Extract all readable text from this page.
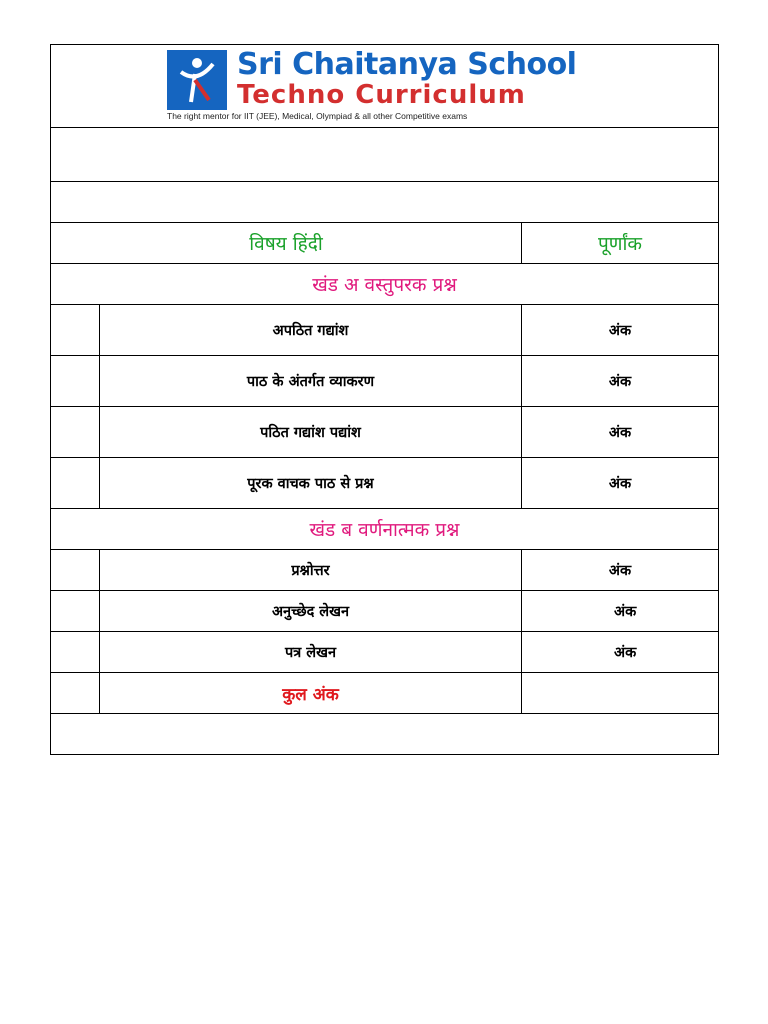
Sri Chaitanya School
Techno Curriculum
The right mentor for IIT (JEE), Medical, Olympiad & all other Competitive exams		

विषय हिंदी		पूर्णांक
खंड अ वस्तुपरक प्रश्न		
	अपठित गद्यांश	अंक
	पाठ के अंतर्गत व्याकरण	अंक
	पठित गद्यांश पद्यांश	अंक
	पूरक वाचक पाठ से प्रश्न	अंक
खंड ब वर्णनात्मक प्रश्न		
	प्रश्नोत्तर	अंक
	अनुच्छेद लेखन	अंक
	पत्र लेखन	अंक
	कुल अंक	
